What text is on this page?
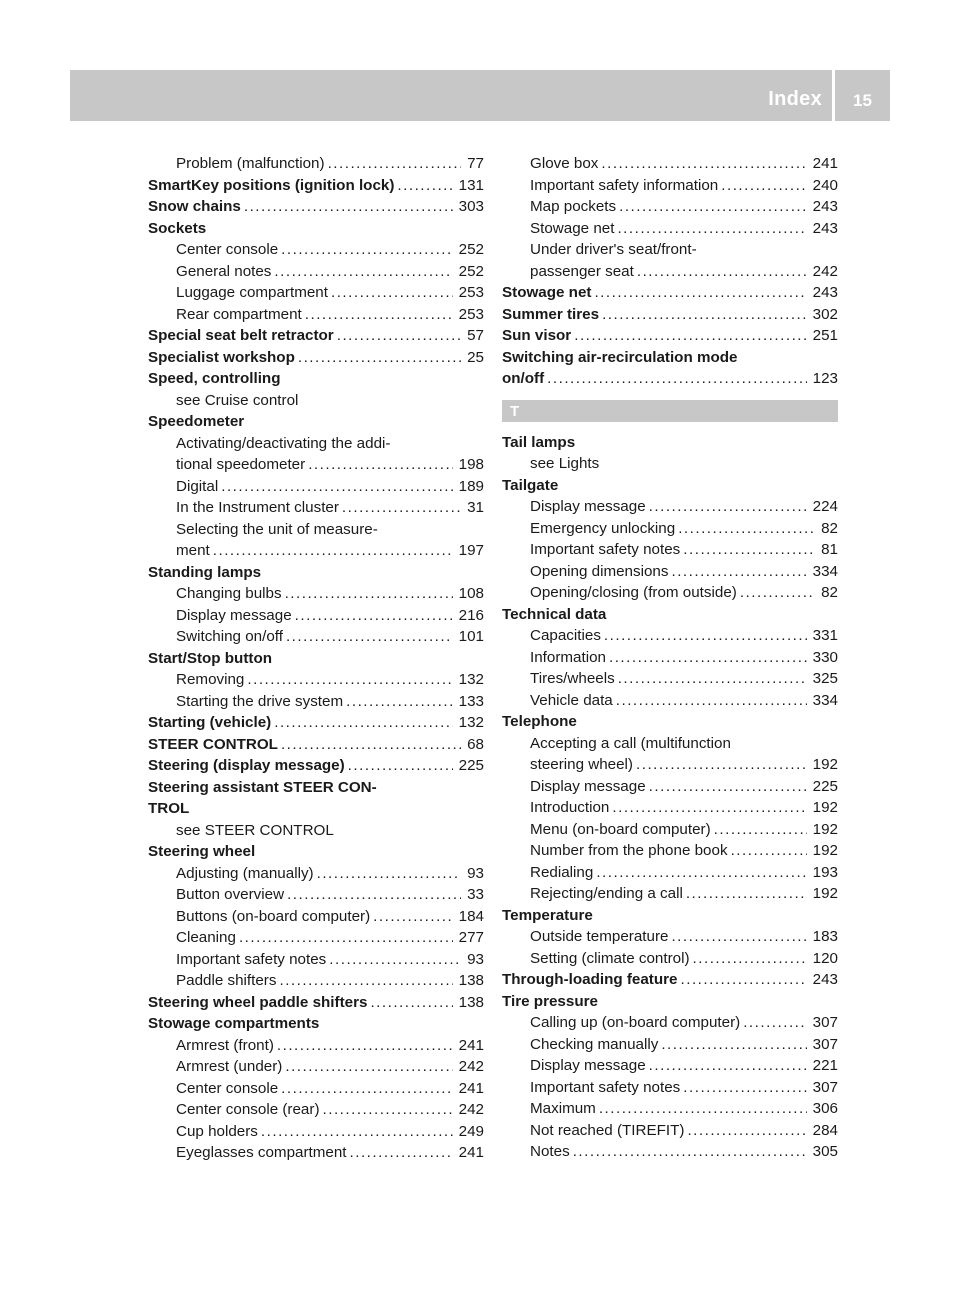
Index	15
Problem (malfunction) .....	77
SmartKey positions (ignition lock) .....	131
Snow chains .....	303
Sockets
Center console .....	252
General notes .....	252
Luggage compartment .....	253
Rear compartment .....	253
Special seat belt retractor .....	57
Specialist workshop .....	25
Speed, controlling
see Cruise control
Speedometer
Activating/deactivating the addi-
tional speedometer .....	198
Digital .....	189
In the Instrument cluster .....	31
Selecting the unit of measure-
ment .....	197
Standing lamps
Changing bulbs .....	108
Display message .....	216
Switching on/off .....	101
Start/Stop button
Removing .....	132
Starting the drive system .....	133
Starting (vehicle) .....	132
STEER CONTROL .....	68
Steering (display message) .....	225
Steering assistant STEER CON-
TROL
see STEER CONTROL
Steering wheel
Adjusting (manually) .....	93
Button overview .....	33
Buttons (on-board computer) .....	184
Cleaning .....	277
Important safety notes .....	93
Paddle shifters .....	138
Steering wheel paddle shifters .....	138
Stowage compartments
Armrest (front) .....	241
Armrest (under) .....	242
Center console .....	241
Center console (rear) .....	242
Cup holders .....	249
Eyeglasses compartment .....	241
Glove box .....	241
Important safety information .....	240
Map pockets .....	243
Stowage net .....	243
Under driver's seat/front-
passenger seat .....	242
Stowage net .....	243
Summer tires .....	302
Sun visor .....	251
Switching air-recirculation mode
on/off .....	123
T
Tail lamps
see Lights
Tailgate
Display message .....	224
Emergency unlocking .....	82
Important safety notes .....	81
Opening dimensions .....	334
Opening/closing (from outside) .....	82
Technical data
Capacities .....	331
Information .....	330
Tires/wheels .....	325
Vehicle data .....	334
Telephone
Accepting a call (multifunction
steering wheel) .....	192
Display message .....	225
Introduction .....	192
Menu (on-board computer) .....	192
Number from the phone book .....	192
Redialing .....	193
Rejecting/ending a call .....	192
Temperature
Outside temperature .....	183
Setting (climate control) .....	120
Through-loading feature .....	243
Tire pressure
Calling up (on-board computer) .....	307
Checking manually .....	307
Display message .....	221
Important safety notes .....	307
Maximum .....	306
Not reached (TIREFIT) .....	284
Notes .....	305
